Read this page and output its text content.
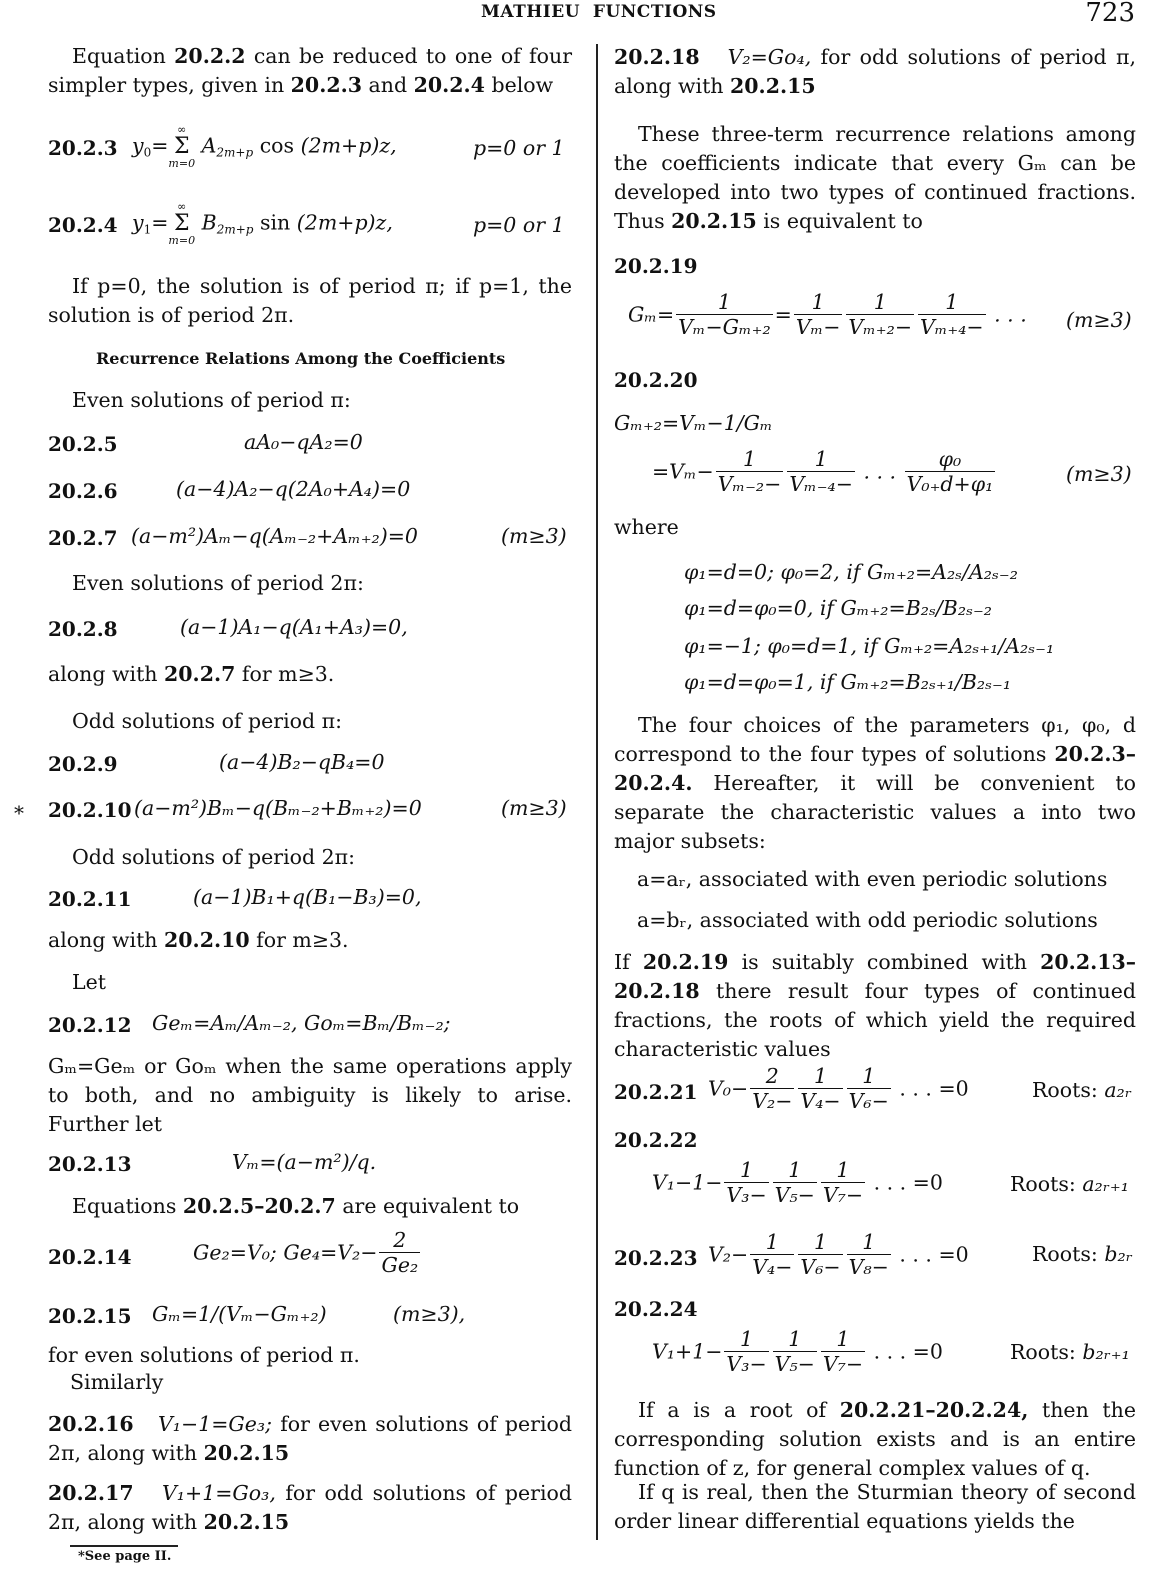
MATHIEU FUNCTIONS	723
Equation 20.2.2 can be reduced to one of four simpler types, given in 20.2.3 and 20.2.4 below
20.2.3 y0=
∞
Σ
m=0
$A_{2m+p}$ cos (2m+p)z,	p=0 or 1
20.2.4 y1=
∞
Σ
m=0
$B_{2m+p}$ sin (2m+p)z,	p=0 or 1
If p=0, the solution is of period π; if p=1, the solution is of period 2π.
Recurrence Relations Among the Coefficients
Even solutions of period π:
20.2.5	aA₀−qA₂=0
20.2.6	(a−4)A₂−q(2A₀+A₄)=0
20.2.7 (a−m²)Aₘ−q(Aₘ₋₂+Aₘ₊₂)=0	(m≥3)
Even solutions of period 2π:
20.2.8	(a−1)A₁−q(A₁+A₃)=0,
along with 20.2.7 for m≥3.
Odd solutions of period π:
20.2.9	(a−4)B₂−qB₄=0
* 20.2.10 (a−m²)Bₘ−q(Bₘ₋₂+Bₘ₊₂)=0	(m≥3)
Odd solutions of period 2π:
20.2.11	(a−1)B₁+q(B₁−B₃)=0,
along with 20.2.10 for m≥3.
Let
20.2.12 Geₘ=Aₘ/Aₘ₋₂, Goₘ=Bₘ/Bₘ₋₂;
Gₘ=Geₘ or Goₘ when the same operations apply to both, and no ambiguity is likely to arise. Further let
20.2.13	Vₘ=(a−m²)/q.
Equations 20.2.5–20.2.7 are equivalent to
20.2.14	Ge₂=V₀; $Ge_4=V_2- \frac{2}{\text{Ge₂}}$
20.2.15 Gₘ=1/(Vₘ−Gₘ₊₂)	(m≥3),
for even solutions of period π.
Similarly
20.2.16 V₁−1=Ge₃; for even solutions of period 2π, along with 20.2.15
20.2.17 V₁+1=Go₃, for odd solutions of period 2π, along with 20.2.15
*See page II.
20.2.18 V₂=Go₄, for odd solutions of period π, along with 20.2.15
These three-term recurrence relations among the coefficients indicate that every Gₘ can be developed into two types of continued fractions. Thus 20.2.15 is equivalent to
20.2.19
$G_m= \frac{1}{\text{Vₘ−Gₘ₊₂}} = \frac{1}{\text{Vₘ−}} \frac{1}{\text{Vₘ₊₂−}} \frac{1}{\text{Vₘ₊₄−}}$ . . . (m≥3)
20.2.20
Gₘ₊₂=Vₘ−1/Gₘ
$=V_m- \frac{1}{\text{Vₘ₋₂−}} \frac{1}{\text{Vₘ₋₄−}}$ . . . $\frac{\text{φ₀}}{\text{V₀₊d+φ₁}}$	(m≥3)
where
φ₁=d=0; φ₀=2, if Gₘ₊₂=A₂ₛ/A₂ₛ₋₂
φ₁=d=φ₀=0, if Gₘ₊₂=B₂ₛ/B₂ₛ₋₂
φ₁=−1; φ₀=d=1, if Gₘ₊₂=A₂ₛ₊₁/A₂ₛ₋₁
φ₁=d=φ₀=1, if Gₘ₊₂=B₂ₛ₊₁/B₂ₛ₋₁
The four choices of the parameters φ₁, φ₀, d correspond to the four types of solutions 20.2.3–20.2.4. Hereafter, it will be convenient to separate the characteristic values a into two major subsets:
a=aᵣ, associated with even periodic solutions
a=bᵣ, associated with odd periodic solutions
If 20.2.19 is suitably combined with 20.2.13–20.2.18 there result four types of continued fractions, the roots of which yield the required characteristic values
20.2.21 $V_0- \frac{2}{\text{V₂−}} \frac{1}{\text{V₄−}} \frac{1}{\text{V₆−}}$ . . . =0	Roots: a₂ᵣ
20.2.22
$V_1-1- \frac{1}{\text{V₃−}} \frac{1}{\text{V₅−}} \frac{1}{\text{V₇−}}$ . . . =0	Roots: a₂ᵣ₊₁
20.2.23 $V_2- \frac{1}{\text{V₄−}} \frac{1}{\text{V₆−}} \frac{1}{\text{V₈−}}$ . . . =0	Roots: b₂ᵣ
20.2.24
$V_1+1- \frac{1}{\text{V₃−}} \frac{1}{\text{V₅−}} \frac{1}{\text{V₇−}}$ . . . =0	Roots: b₂ᵣ₊₁
If a is a root of 20.2.21–20.2.24, then the corresponding solution exists and is an entire function of z, for general complex values of q.
If q is real, then the Sturmian theory of second order linear differential equations yields the
